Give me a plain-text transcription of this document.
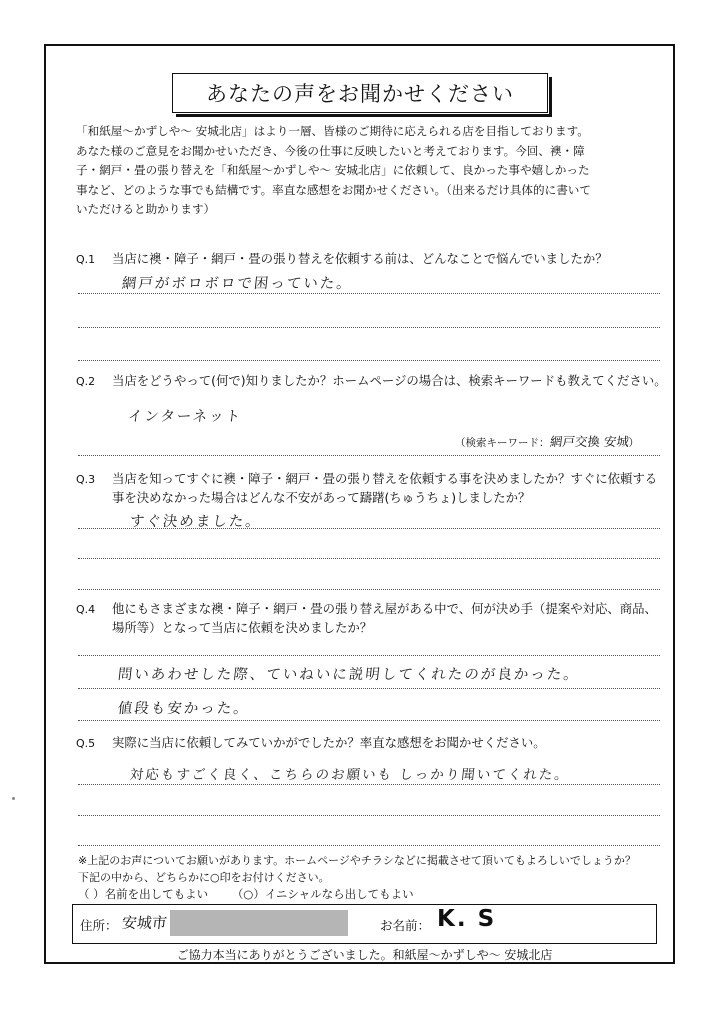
あなたの声をお聞かせください
「和紙屋～かずしや～ 安城北店」はより一層、皆様のご期待に応えられる店を目指しております。
あなた様のご意見をお聞かせいただき、今後の仕事に反映したいと考えております。今回、襖・障
子・網戸・畳の張り替えを「和紙屋～かずしや～ 安城北店」に依頼して、良かった事や嬉しかった
事など、どのような事でも結構です。率直な感想をお聞かせください。（出来るだけ具体的に書いて
いただけると助かります）
Q.1 当店に襖・障子・網戸・畳の張り替えを依頼する前は、どんなことで悩んでいましたか？
網戸がボロボロで困っていた。
Q.2 当店をどうやって(何で)知りましたか？ホームページの場合は、検索キーワードも教えてください。
インターネット
（検索キーワード：網戸交換 安城）
Q.3 当店を知ってすぐに襖・障子・網戸・畳の張り替えを依頼する事を決めましたか？すぐに依頼する事を決めなかった場合はどんな不安があって躊躇(ちゅうちょ)しましたか？
すぐ決めました。
Q.4 他にもさまざまな襖・障子・網戸・畳の張り替え屋がある中で、何が決め手（提案や対応、商品、場所等）となって当店に依頼を決めましたか？
問いあわせした際、ていねいに説明してくれたのが良かった。
値段も安かった。
Q.5 実際に当店に依頼してみていかがでしたか？率直な感想をお聞かせください。
対応もすごく良く、こちらのお願いも しっかり聞いてくれた。
※上記のお声についてお願いがあります。ホームページやチラシなどに掲載させて頂いてもよろしいでしょうか？
下記の中から、どちらかに○印をお付けください。
（ ）名前を出してもよい （○）イニシャルなら出してもよい
住所： 安城市	お名前： K. S
ご協力本当にありがとうございました。和紙屋～かずしや～ 安城北店
